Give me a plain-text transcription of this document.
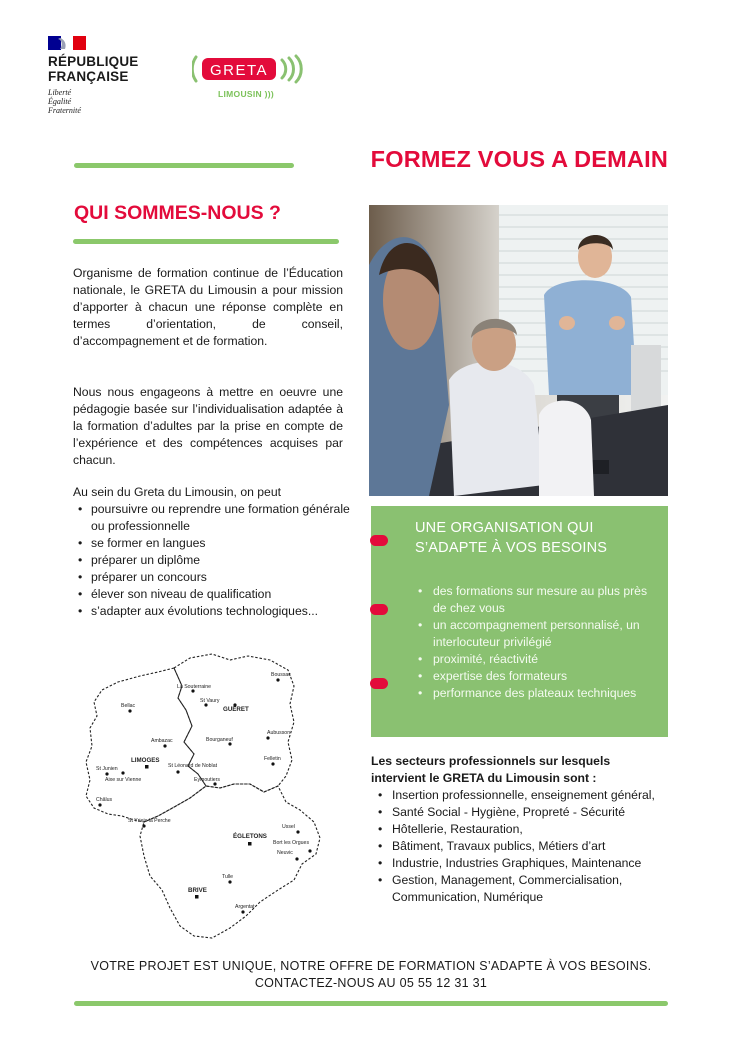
RÉPUBLIQUE
FRANÇAISE
Liberté
Égalité
Fraternité
GRETA
LIMOUSIN )))
FORMEZ VOUS A DEMAIN
QUI SOMMES-NOUS ?
Organisme de formation continue de l’Éducation nationale, le GRETA du Limousin a pour mission d’apporter à chacun une réponse complète en termes d’orientation, de conseil, d’accompagnement et de formation.
Nous nous engageons à mettre en oeuvre une pédagogie basée sur l’individualisation adaptée à la formation d’adultes par la prise en compte de l’expérience et des compétences acquises par chacun.
Au sein du Greta du Limousin, on peut
• poursuivre ou reprendre une formation générale ou professionnelle
• se former en langues
• préparer un diplôme
• préparer un concours
• élever son niveau de qualification
• s’adapter aux évolutions technologiques...
UNE ORGANISATION QUI S’ADAPTE À VOS BESOINS
• des formations sur mesure au plus près de chez vous
• un accompagnement personnalisé, un interlocuteur privilégié
• proximité, réactivité
• expertise des formateurs
• performance des plateaux techniques
Les secteurs professionnels sur lesquels intervient le GRETA du Limousin sont :
• Insertion professionnelle, enseignement général,
• Santé Social - Hygiène, Propreté - Sécurité
• Hôtellerie, Restauration,
• Bâtiment, Travaux publics, Métiers d’art
• Industrie, Industries Graphiques, Maintenance
• Gestion, Management, Commercialisation, Communication, Numérique
Boussac
La Souterraine
St Vaury
GUÉRET
Bellac
Ambazac	Bourganeuf
Aubusson
Felletin
St Junien
LIMOGES
Aixe sur Vienne
St Léonard de Noblat
Eymoutiers
Châlus
St Yrieix la Perche
Ussel
ÉGLETONS
Bort les Orgues
Neuvic
Tulle
BRIVE
Argentat
VOTRE PROJET EST UNIQUE, NOTRE OFFRE DE FORMATION S’ADAPTE À VOS BESOINS.
CONTACTEZ-NOUS AU 05 55 12 31 31
